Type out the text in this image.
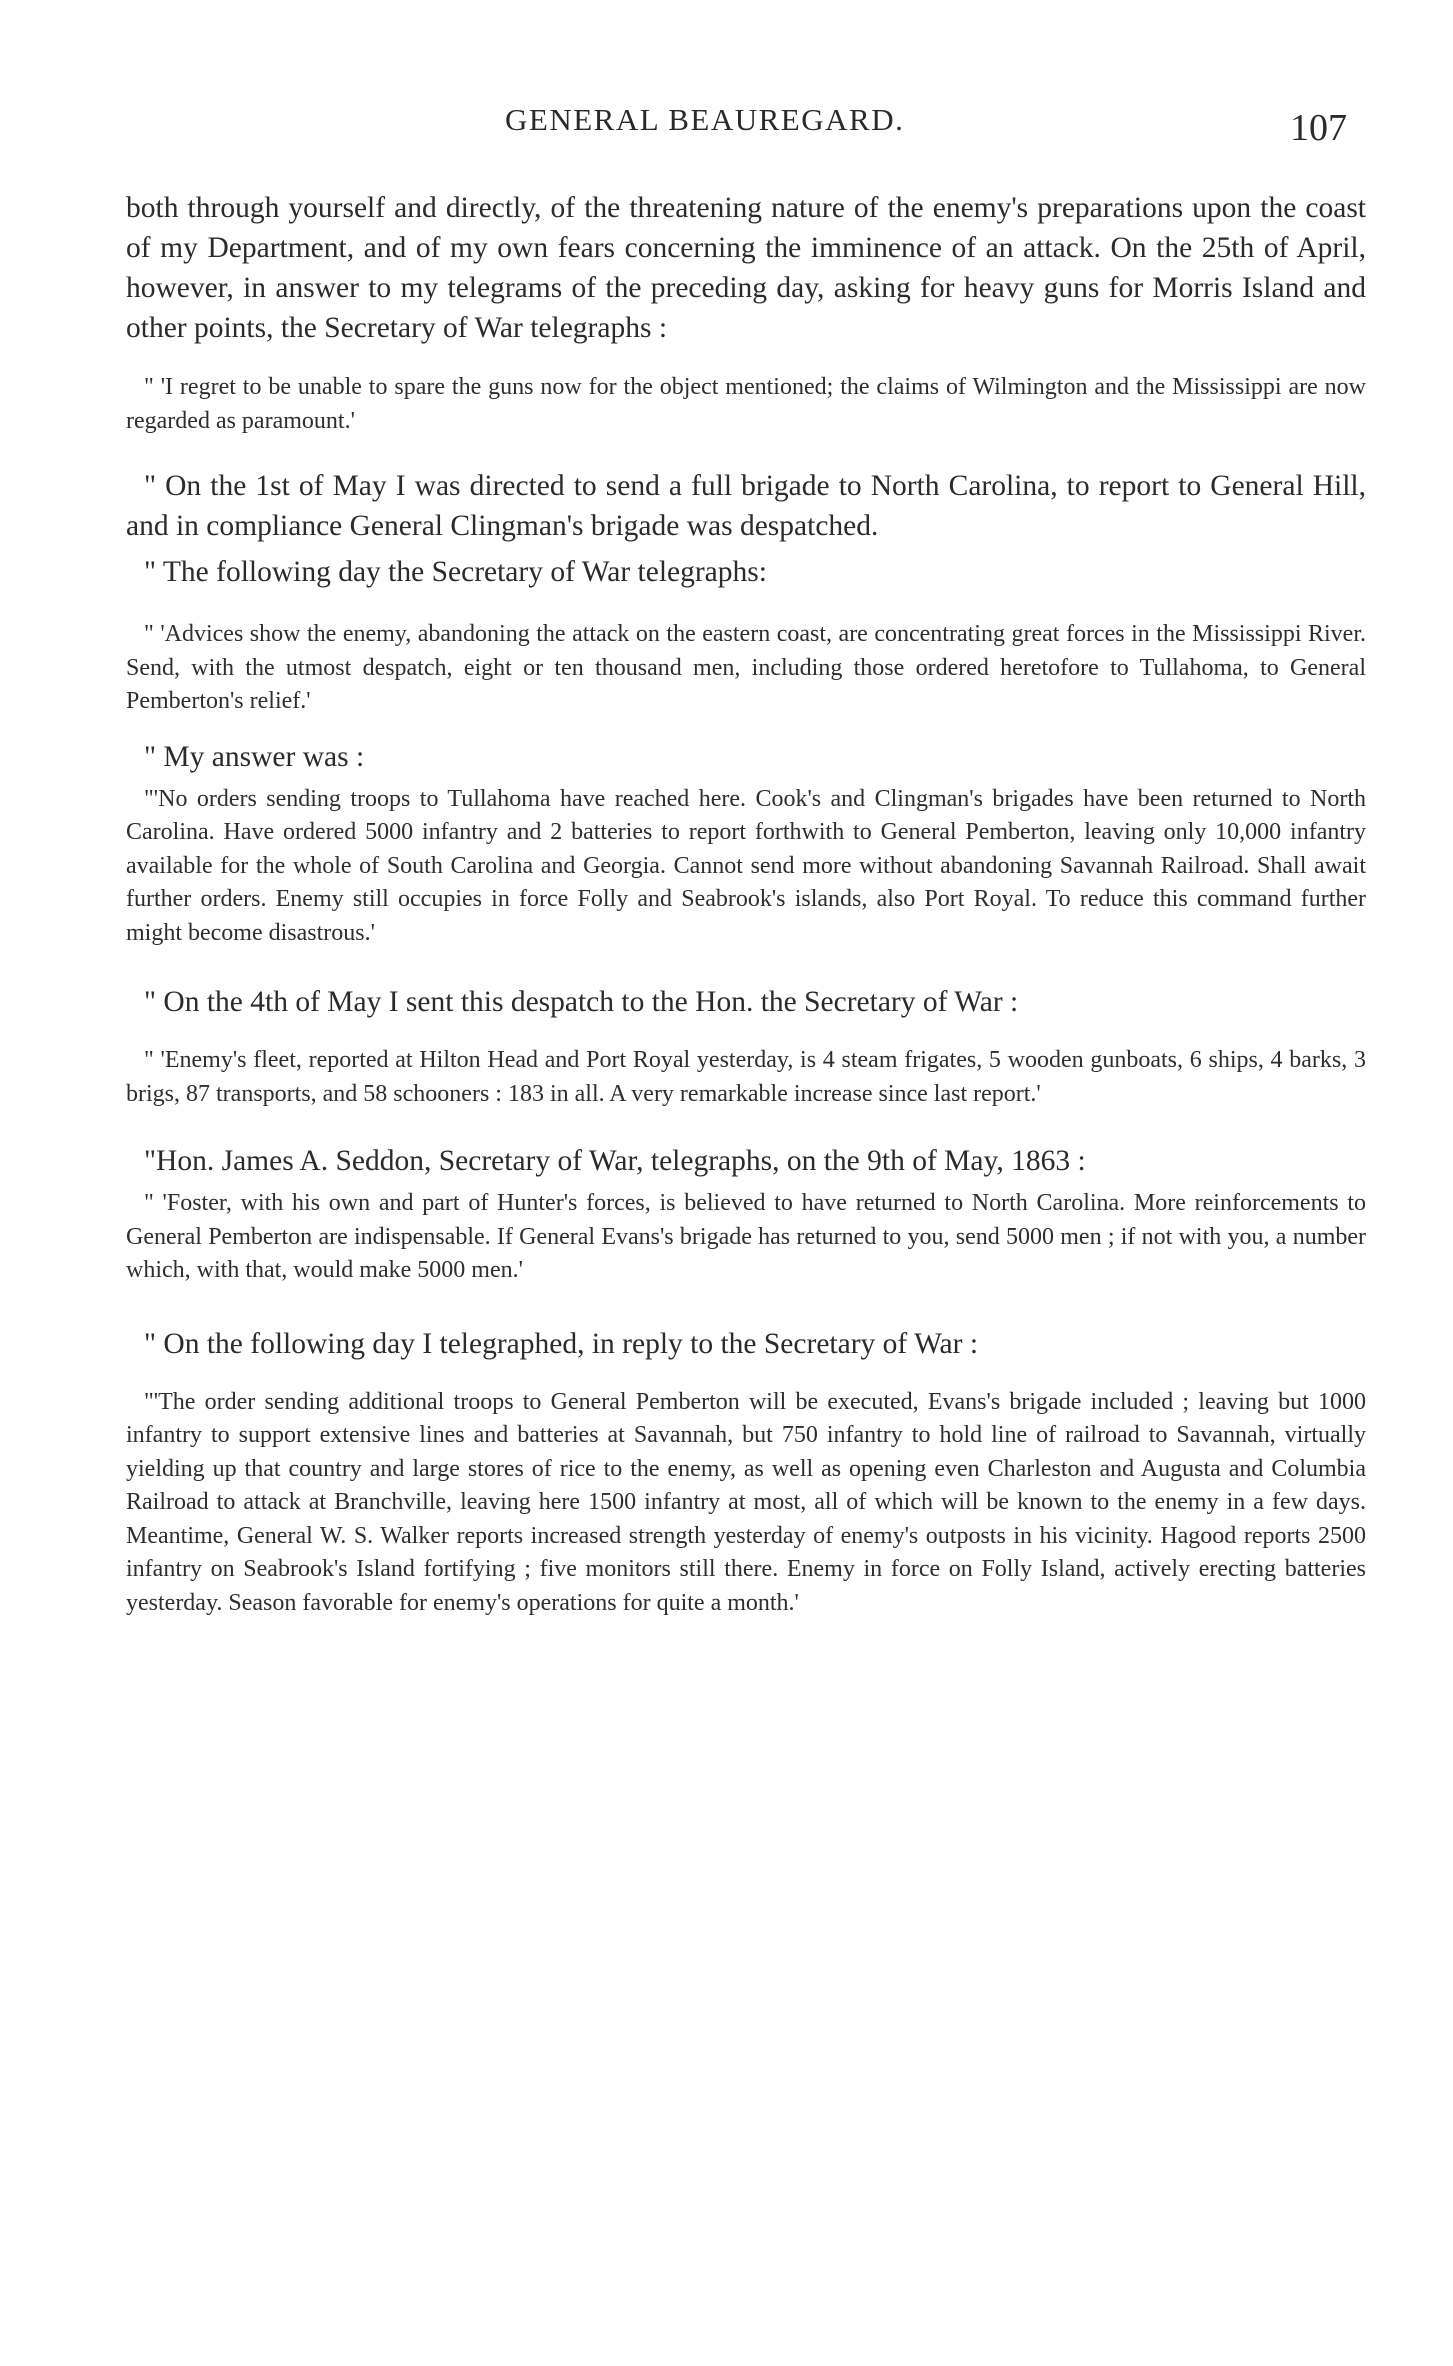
GENERAL BEAUREGARD.	107

both through yourself and directly, of the threatening nature of the enemy's preparations upon the coast of my Department, and of my own fears concerning the imminence of an attack. On the 25th of April, however, in answer to my telegrams of the preceding day, asking for heavy guns for Morris Island and other points, the Secretary of War telegraphs :

" 'I regret to be unable to spare the guns now for the object mentioned; the claims of Wilmington and the Mississippi are now regarded as paramount.'

" On the 1st of May I was directed to send a full brigade to North Carolina, to report to General Hill, and in compliance General Clingman's brigade was despatched.

" The following day the Secretary of War telegraphs:

" 'Advices show the enemy, abandoning the attack on the eastern coast, are concentrating great forces in the Mississippi River. Send, with the utmost despatch, eight or ten thousand men, including those ordered heretofore to Tullahoma, to General Pemberton's relief.'

" My answer was :

"'No orders sending troops to Tullahoma have reached here. Cook's and Clingman's brigades have been returned to North Carolina. Have ordered 5000 infantry and 2 batteries to report forthwith to General Pemberton, leaving only 10,000 infantry available for the whole of South Carolina and Georgia. Cannot send more without abandoning Savannah Railroad. Shall await further orders. Enemy still occupies in force Folly and Seabrook's islands, also Port Royal. To reduce this command further might become disastrous.'

" On the 4th of May I sent this despatch to the Hon. the Secretary of War :

" 'Enemy's fleet, reported at Hilton Head and Port Royal yesterday, is 4 steam frigates, 5 wooden gunboats, 6 ships, 4 barks, 3 brigs, 87 transports, and 58 schooners : 183 in all. A very remarkable increase since last report.'

"Hon. James A. Seddon, Secretary of War, telegraphs, on the 9th of May, 1863 :

" 'Foster, with his own and part of Hunter's forces, is believed to have returned to North Carolina. More reinforcements to General Pemberton are indispensable. If General Evans's brigade has returned to you, send 5000 men ; if not with you, a number which, with that, would make 5000 men.'

" On the following day I telegraphed, in reply to the Secretary of War :

"'The order sending additional troops to General Pemberton will be executed, Evans's brigade included ; leaving but 1000 infantry to support extensive lines and batteries at Savannah, but 750 infantry to hold line of railroad to Savannah, virtually yielding up that country and large stores of rice to the enemy, as well as opening even Charleston and Augusta and Columbia Railroad to attack at Branchville, leaving here 1500 infantry at most, all of which will be known to the enemy in a few days. Meantime, General W. S. Walker reports increased strength yesterday of enemy's outposts in his vicinity. Hagood reports 2500 infantry on Seabrook's Island fortifying ; five monitors still there. Enemy in force on Folly Island, actively erecting batteries yesterday. Season favorable for enemy's operations for quite a month.'
